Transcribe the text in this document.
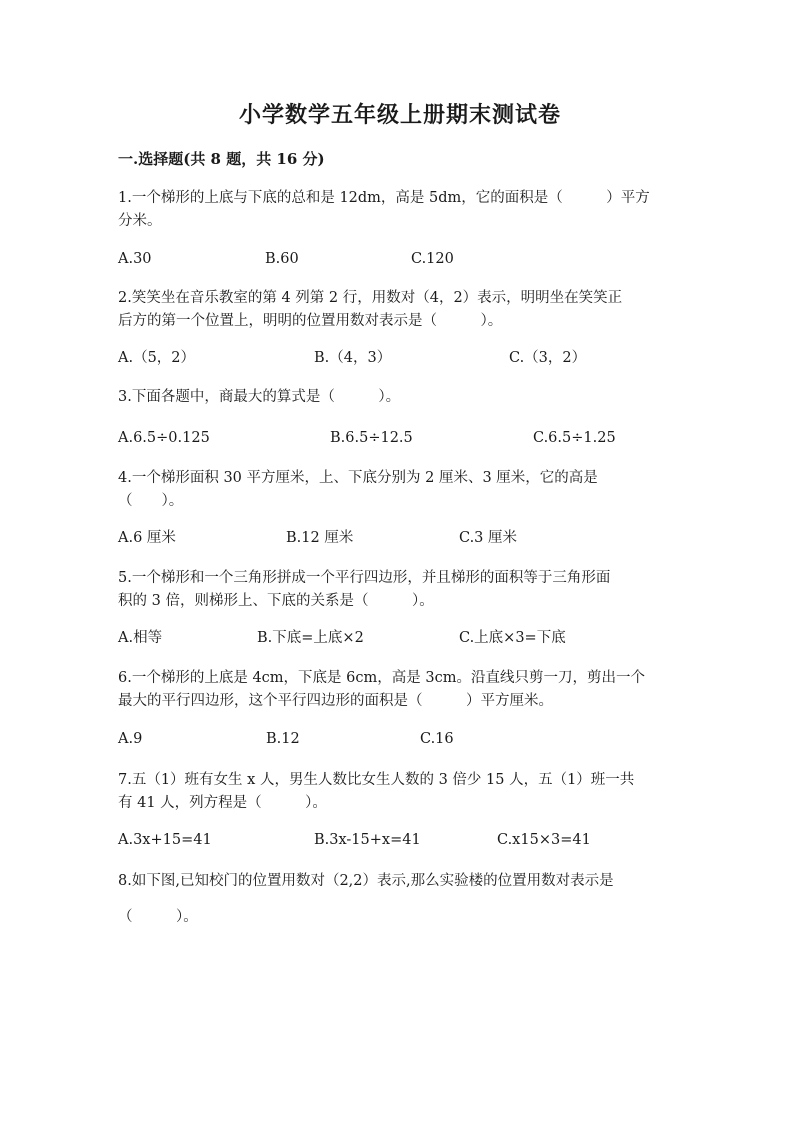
小学数学五年级上册期末测试卷
一.选择题(共 8 题，共 16 分)
1.一个梯形的上底与下底的总和是 12dm，高是 5dm，它的面积是（　　　）平方
分米。
A.30	B.60	C.120
2.笑笑坐在音乐教室的第 4 列第 2 行，用数对（4，2）表示，明明坐在笑笑正
后方的第一个位置上，明明的位置用数对表示是（　　　）。
A.（5，2）	B.（4，3）	C.（3，2）
3.下面各题中，商最大的算式是（　　　）。
A.6.5÷0.125	B.6.5÷12.5	C.6.5÷1.25
4.一个梯形面积 30 平方厘米，上、下底分别为 2 厘米、3 厘米，它的高是
（　　）。
A.6 厘米	B.12 厘米	C.3 厘米
5.一个梯形和一个三角形拼成一个平行四边形，并且梯形的面积等于三角形面
积的 3 倍，则梯形上、下底的关系是（　　　）。
A.相等	B.下底=上底×2	C.上底×3=下底
6.一个梯形的上底是 4cm，下底是 6cm，高是 3cm。沿直线只剪一刀，剪出一个
最大的平行四边形，这个平行四边形的面积是（　　　）平方厘米。
A.9	B.12	C.16
7.五（1）班有女生 x 人，男生人数比女生人数的 3 倍少 15 人，五（1）班一共
有 41 人，列方程是（　　　）。
A.3x+15=41	B.3x-15+x=41	C.x15×3=41
8.如下图,已知校门的位置用数对（2,2）表示,那么实验楼的位置用数对表示是
（　　　）。
